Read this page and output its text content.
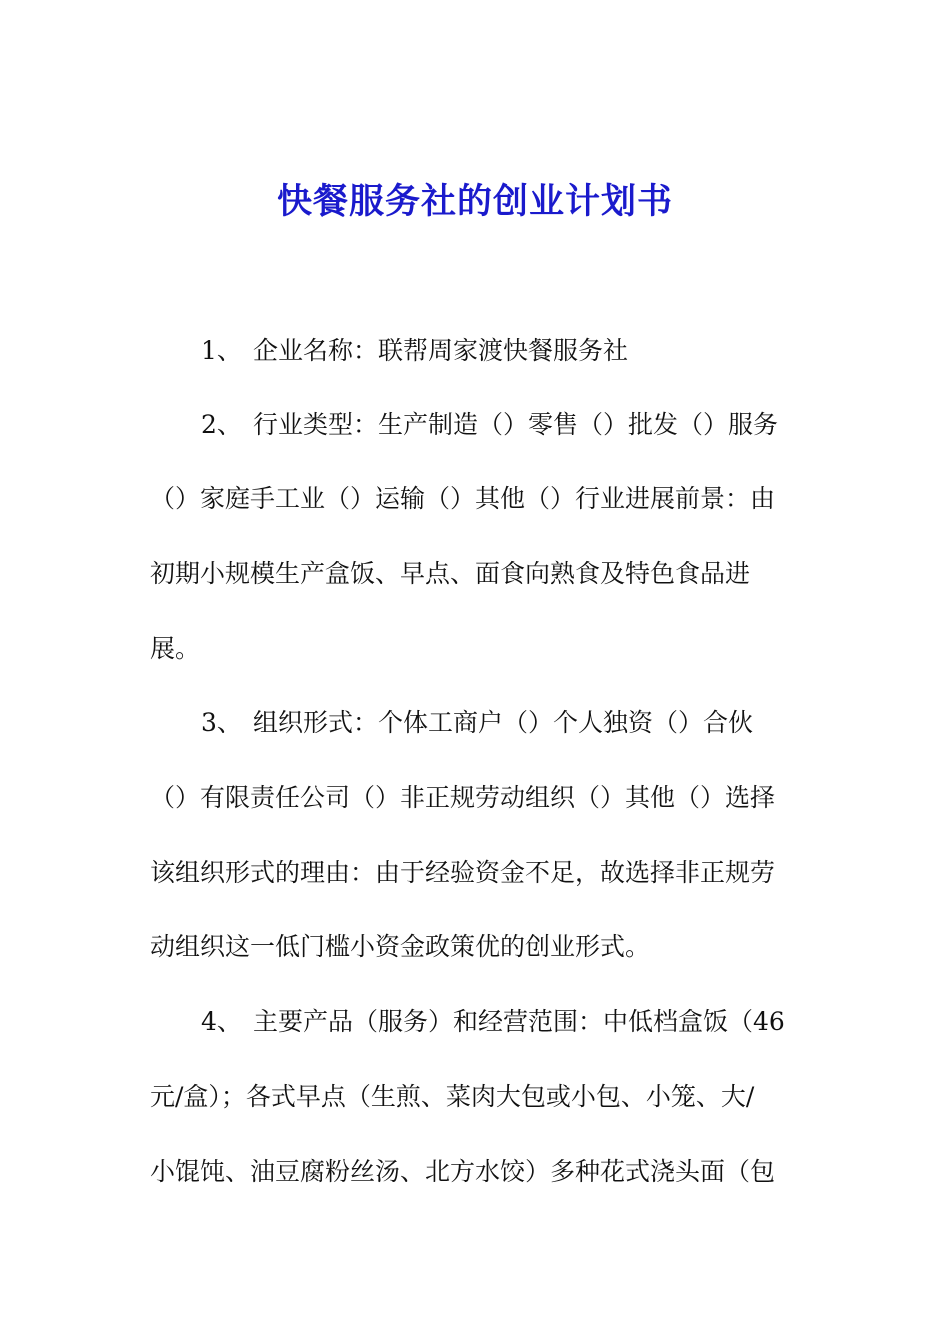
快餐服务社的创业计划书
1、 企业名称：联帮周家渡快餐服务社
2、 行业类型：生产制造（）零售（）批发（）服务
（）家庭手工业（）运输（）其他（）行业进展前景：由
初期小规模生产盒饭、早点、面食向熟食及特色食品进
展。
3、 组织形式：个体工商户（）个人独资（）合伙
（）有限责任公司（）非正规劳动组织（）其他（）选择
该组织形式的理由：由于经验资金不足，故选择非正规劳
动组织这一低门槛小资金政策优的创业形式。
4、 主要产品（服务）和经营范围：中低档盒饭（46
元/盒）；各式早点（生煎、菜肉大包或小包、小笼、大/
小馄饨、油豆腐粉丝汤、北方水饺）多种花式浇头面（包
